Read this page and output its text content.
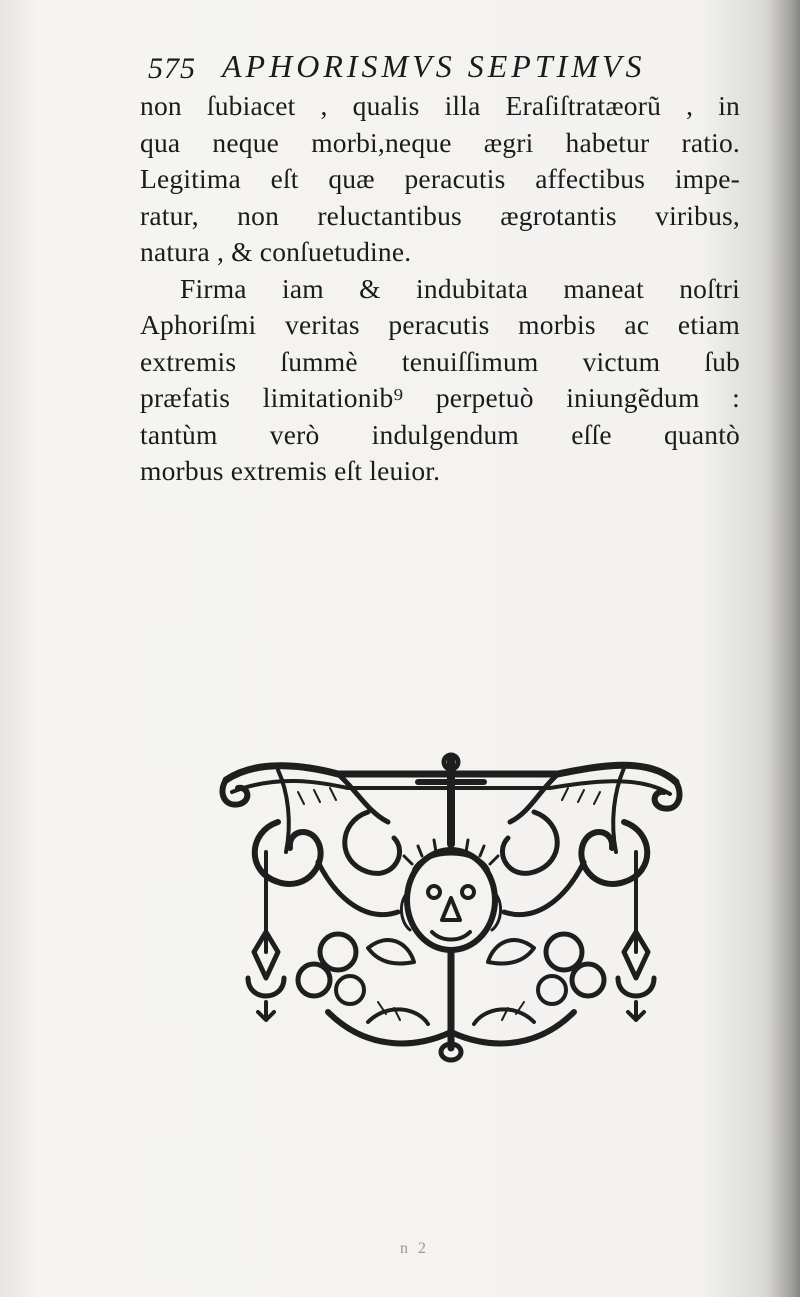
575 APHORISMVS SEPTIMVS
non ſubiacet , qualis illa Eraſiſtratæorũ , in
qua neque morbi,neque ægri habetur ratio.
Legitima eſt quæ peracutis affectibus impe-
ratur, non reluctantibus ægrotantis viribus,
natura , & conſuetudine.
Firma iam & indubitata maneat noſtri
Aphoriſmi veritas peracutis morbis ac etiam
extremis ſummè tenuiſſimum victum ſub
præfatis limitationib⁹ perpetuò iniungẽdum :
tantùm verò indulgendum eſſe quantò
morbus extremis eſt leuior.
n 2
